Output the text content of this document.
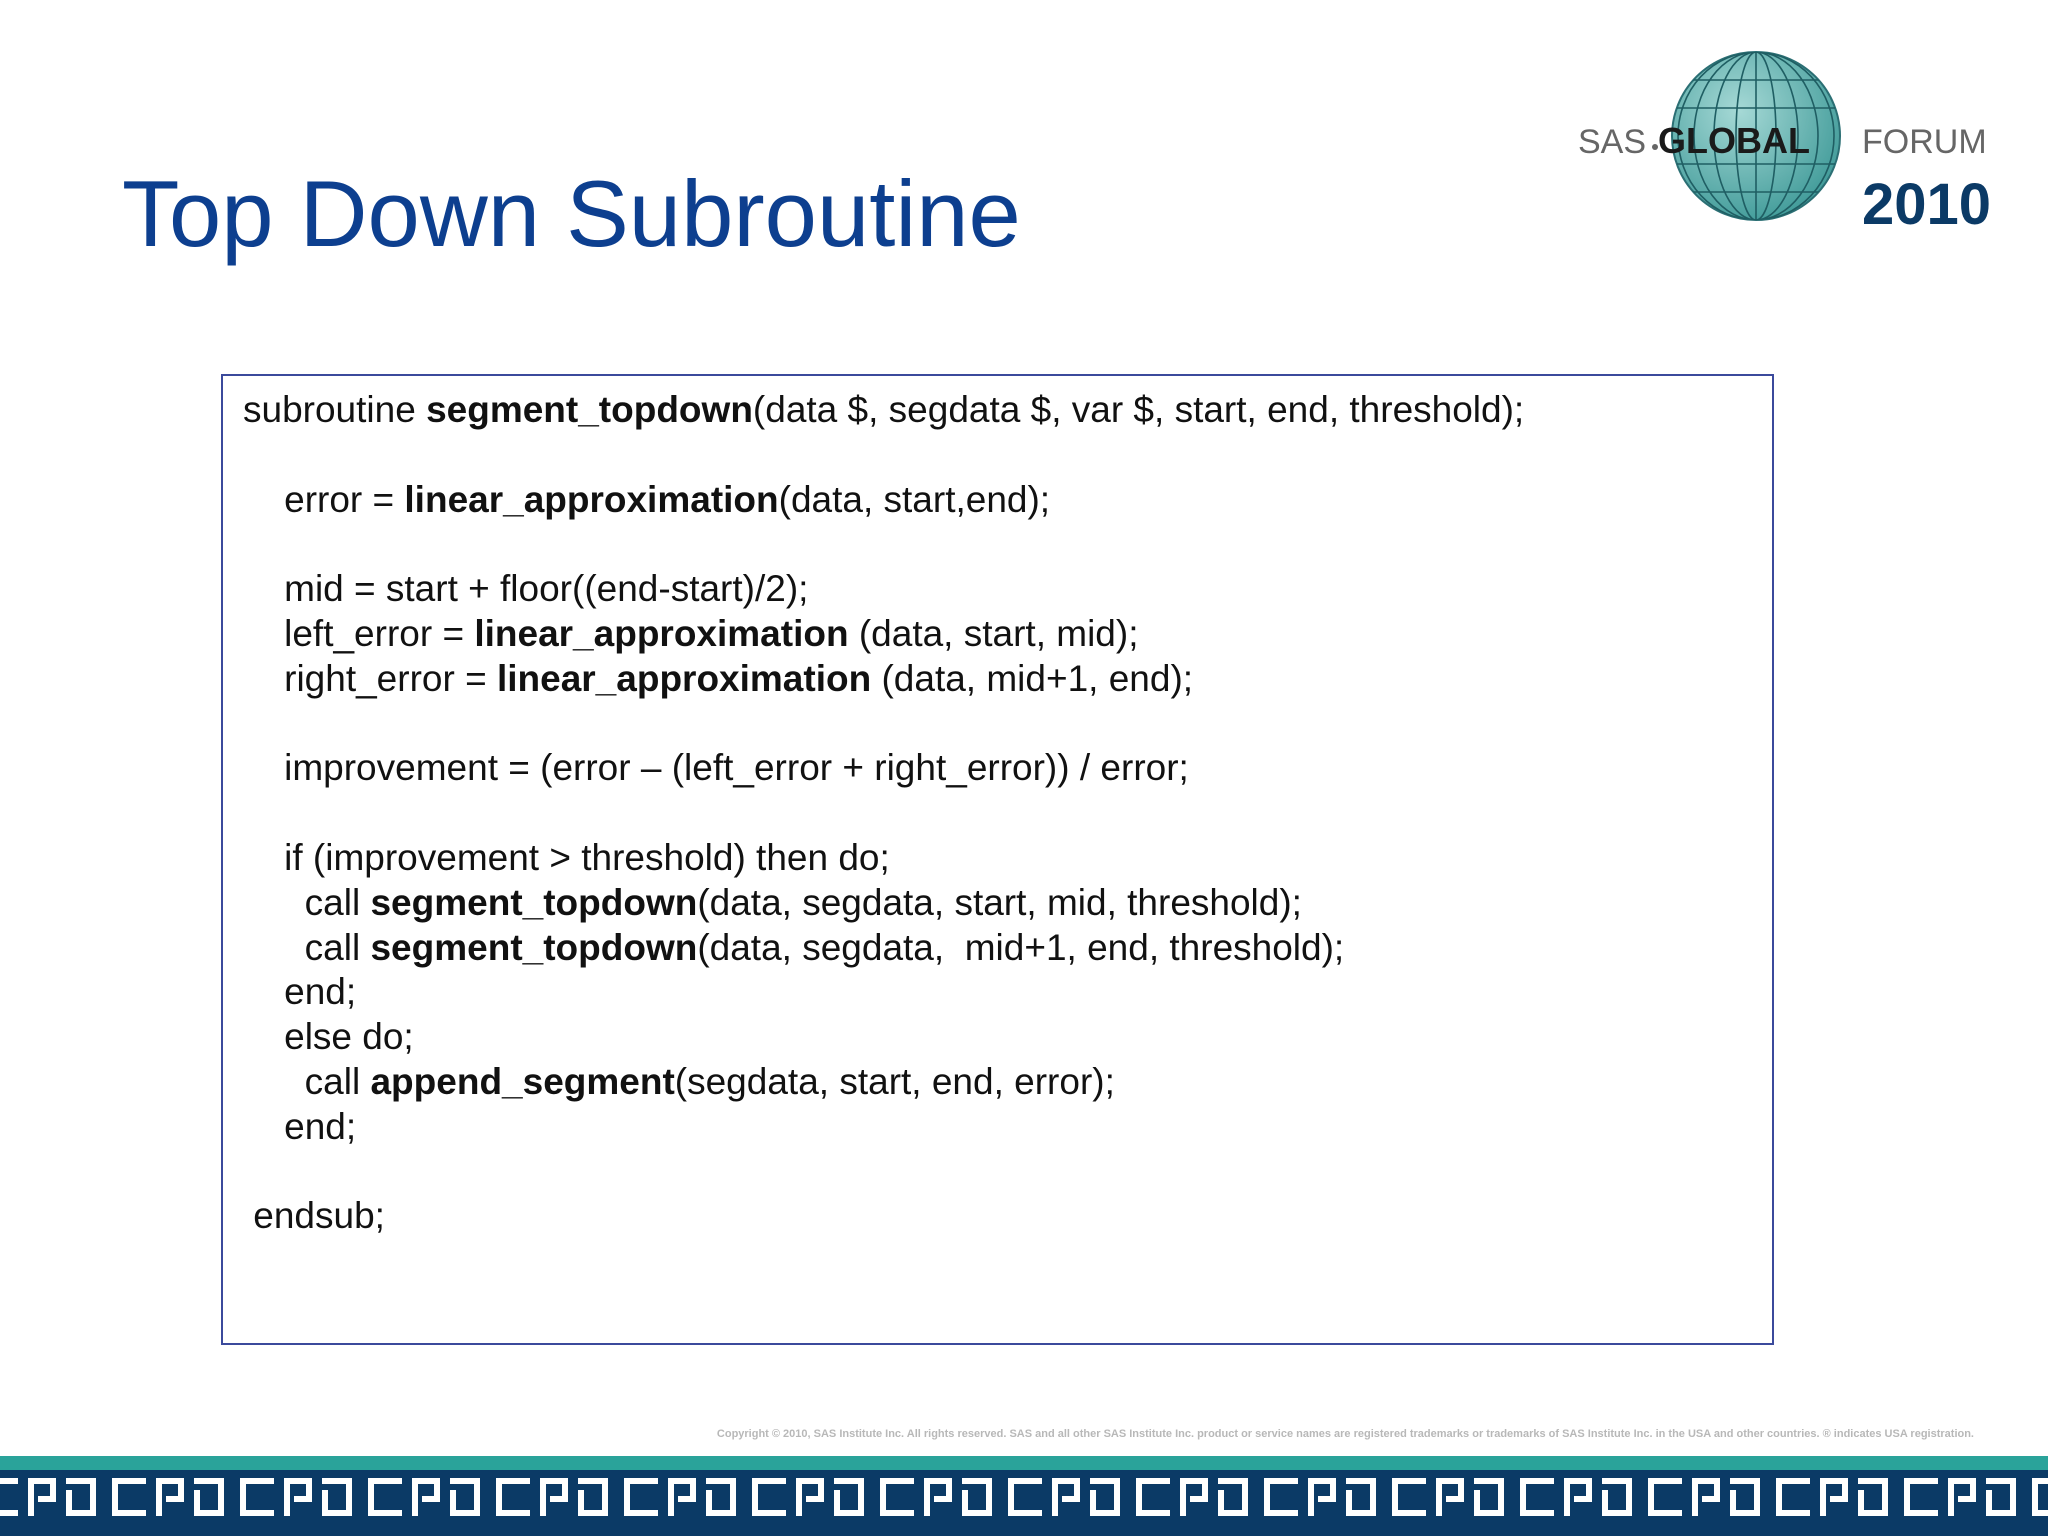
Top Down Subroutine
SAS GLOBAL FORUM
2010
subroutine segment_topdown(data $, segdata $, var $, start, end, threshold);
error = linear_approximation(data, start,end);
mid = start + floor((end-start)/2);
left_error = linear_approximation (data, start, mid);
right_error = linear_approximation (data, mid+1, end);
improvement = (error – (left_error + right_error)) / error;
if (improvement > threshold) then do;
call segment_topdown(data, segdata, start, mid, threshold);
call segment_topdown(data, segdata,  mid+1, end, threshold);
end;
else do;
call append_segment(segdata, start, end, error);
end;
endsub;
Copyright © 2010, SAS Institute Inc. All rights reserved. SAS and all other SAS Institute Inc. product or service names are registered trademarks or trademarks of SAS Institute Inc. in the USA and other countries. ® indicates USA registration.
